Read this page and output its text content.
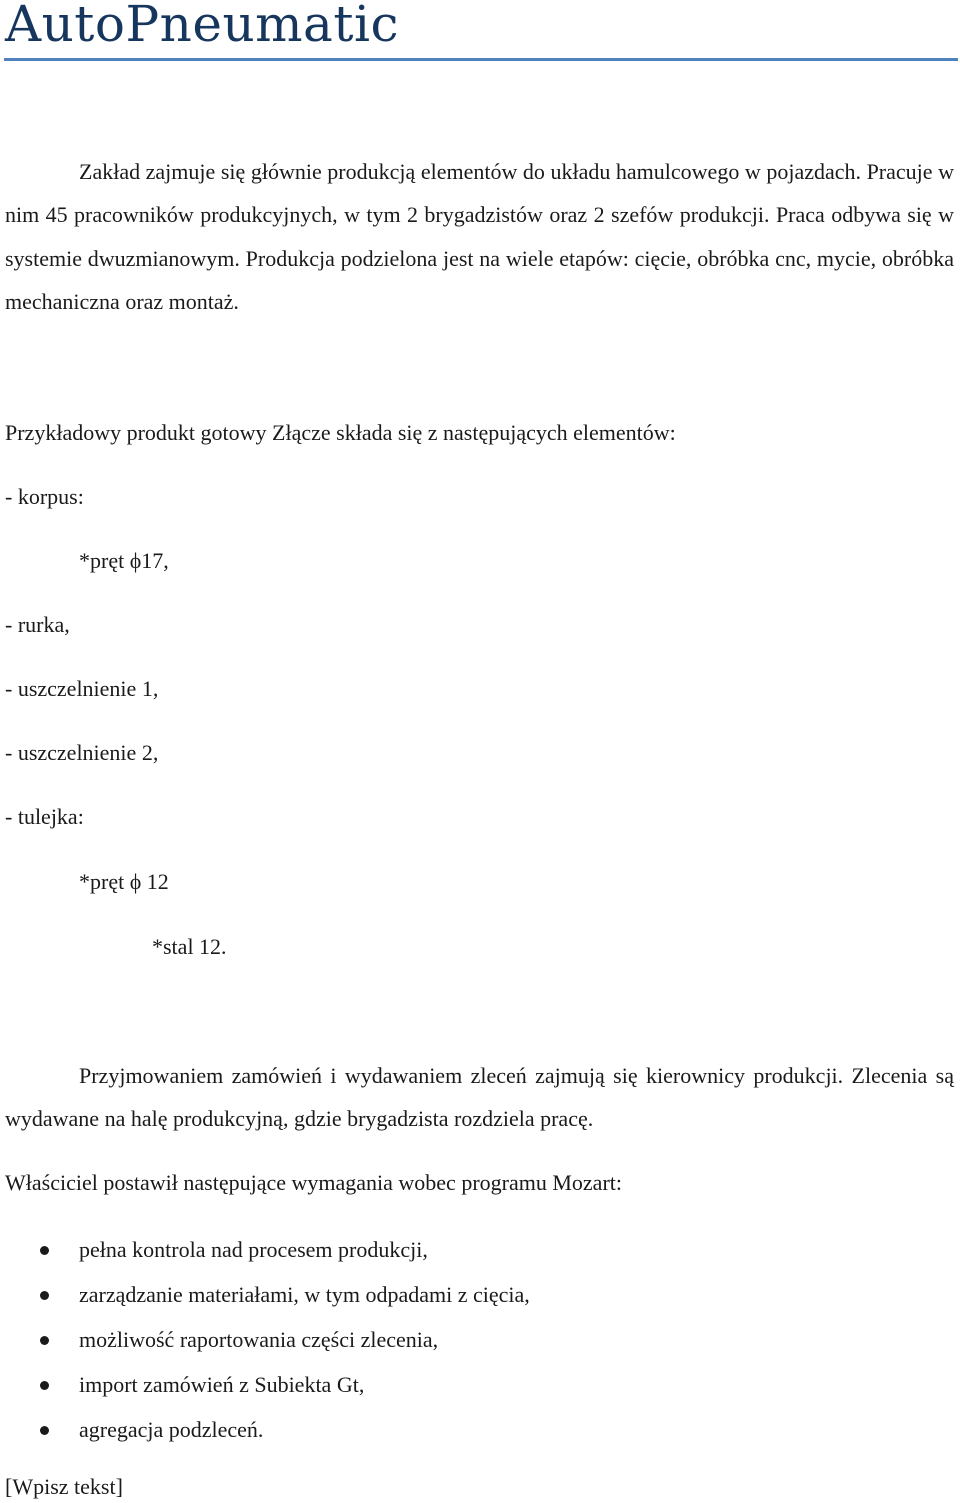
AutoPneumatic

Zakład zajmuje się głównie produkcją elementów do układu hamulcowego w pojazdach. Pracuje w nim 45 pracowników produkcyjnych, w tym 2 brygadzistów oraz 2 szefów produkcji. Praca odbywa się w systemie dwuzmianowym. Produkcja podzielona jest na wiele etapów: cięcie, obróbka cnc, mycie, obróbka mechaniczna oraz montaż.

Przykładowy produkt gotowy Złącze składa się z następujących elementów:
- korpus:
*pręt ϕ17,
- rurka,
- uszczelnienie 1,
- uszczelnienie 2,
- tulejka:
*pręt ϕ 12
*stal 12.

Przyjmowaniem zamówień i wydawaniem zleceń zajmują się kierownicy produkcji. Zlecenia są wydawane na halę produkcyjną, gdzie brygadzista rozdziela pracę.

Właściciel postawił następujące wymagania wobec programu Mozart:
pełna kontrola nad procesem produkcji,
zarządzanie materiałami, w tym odpadami z cięcia,
możliwość raportowania części zlecenia,
import zamówień z Subiekta Gt,
agregacja podzleceń.
[Wpisz tekst]
